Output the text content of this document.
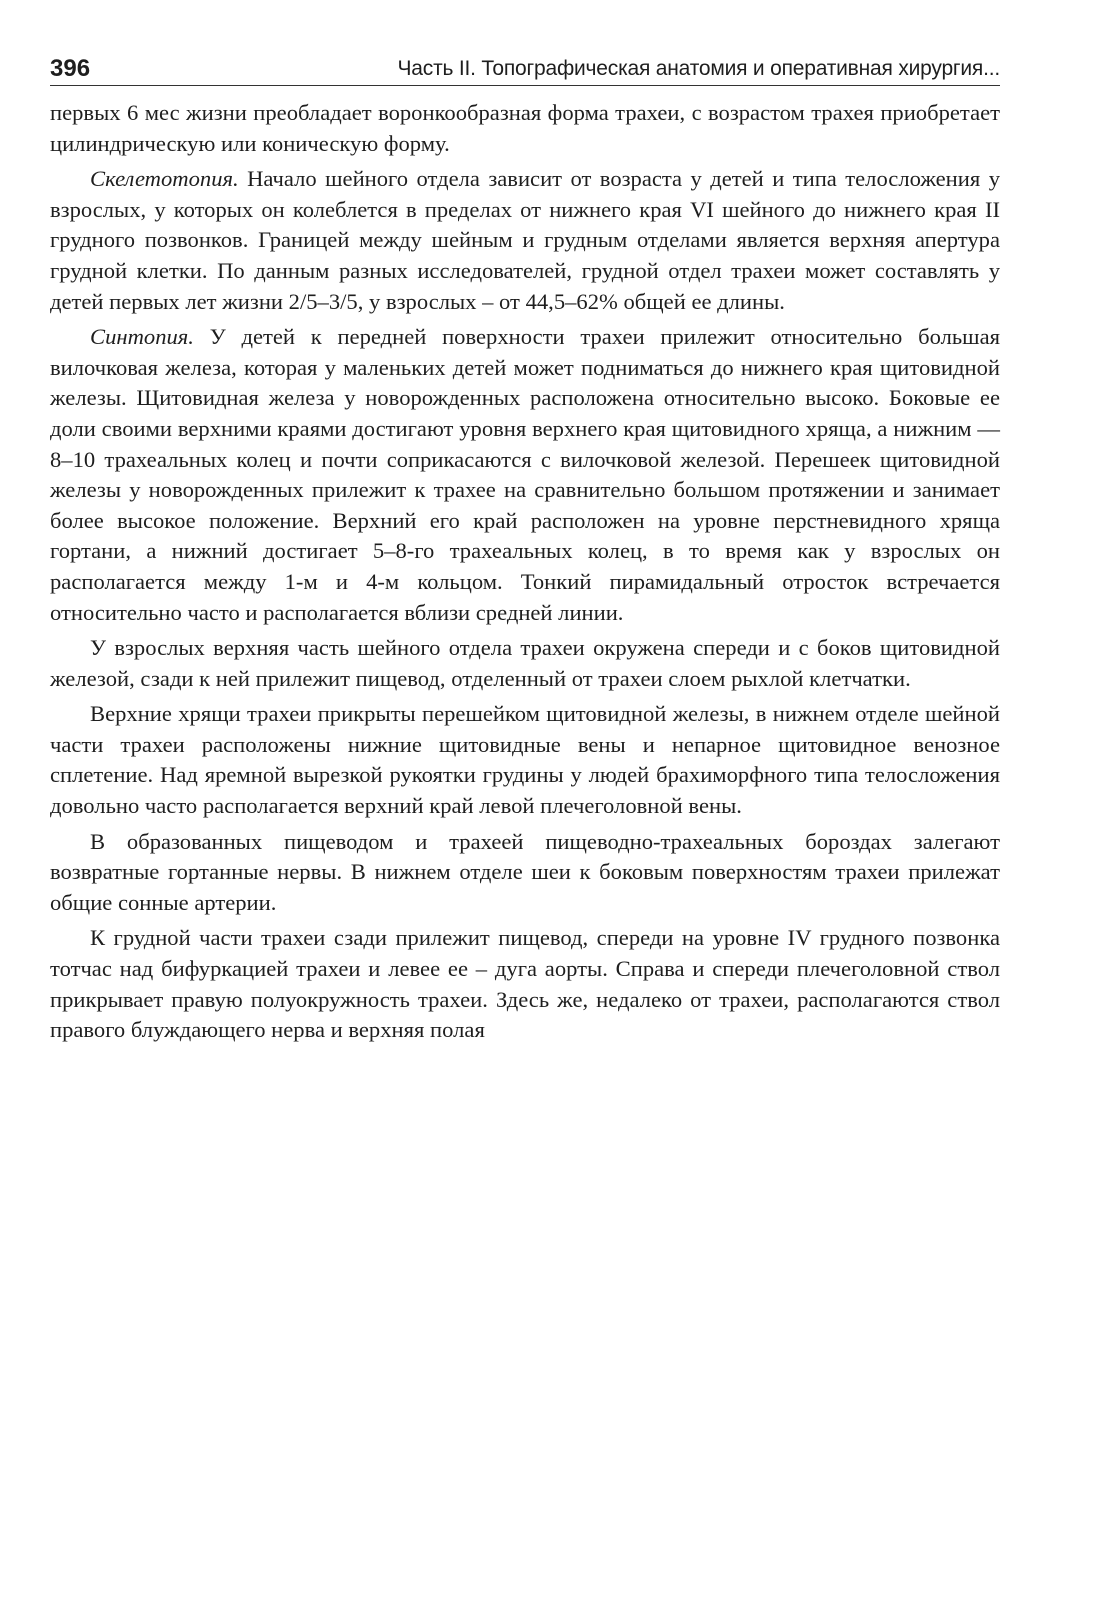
396	Часть II. Топографическая анатомия и оперативная хирургия...

первых 6 мес жизни преобладает воронкообразная форма трахеи, с возрастом трахея приобретает цилиндрическую или коническую форму.

Скелетотопия. Начало шейного отдела зависит от возраста у детей и типа телосложения у взрослых, у которых он колеблется в пределах от нижнего края VI шейного до нижнего края II грудного позвонков. Границей между шейным и грудным отделами является верхняя апертура грудной клетки. По данным разных исследователей, грудной отдел трахеи может составлять у детей первых лет жизни 2/5–3/5, у взрослых – от 44,5–62% общей ее длины.

Синтопия. У детей к передней поверхности трахеи прилежит относительно большая вилочковая железа, которая у маленьких детей может подниматься до нижнего края щитовидной железы. Щитовидная железа у новорожденных расположена относительно высоко. Боковые ее доли своими верхними краями достигают уровня верхнего края щитовидного хряща, а нижним — 8–10 трахеальных колец и почти соприкасаются с вилочковой железой. Перешеек щитовидной железы у новорожденных прилежит к трахее на сравнительно большом протяжении и занимает более высокое положение. Верхний его край расположен на уровне перстневидного хряща гортани, а нижний достигает 5–8-го трахеальных колец, в то время как у взрослых он располагается между 1-м и 4-м кольцом. Тонкий пирамидальный отросток встречается относительно часто и располагается вблизи средней линии.

У взрослых верхняя часть шейного отдела трахеи окружена спереди и с боков щитовидной железой, сзади к ней прилежит пищевод, отделенный от трахеи слоем рыхлой клетчатки.

Верхние хрящи трахеи прикрыты перешейком щитовидной железы, в нижнем отделе шейной части трахеи расположены нижние щитовидные вены и непарное щитовидное венозное сплетение. Над яремной вырезкой рукоятки грудины у людей брахиморфного типа телосложения довольно часто располагается верхний край левой плечеголовной вены.

В образованных пищеводом и трахеей пищеводно-трахеальных бороздах залегают возвратные гортанные нервы. В нижнем отделе шеи к боковым поверхностям трахеи прилежат общие сонные артерии.

К грудной части трахеи сзади прилежит пищевод, спереди на уровне IV грудного позвонка тотчас над бифуркацией трахеи и левее ее – дуга аорты. Справа и спереди плечеголовной ствол прикрывает правую полуокружность трахеи. Здесь же, недалеко от трахеи, располагаются ствол правого блуждающего нерва и верхняя полая
